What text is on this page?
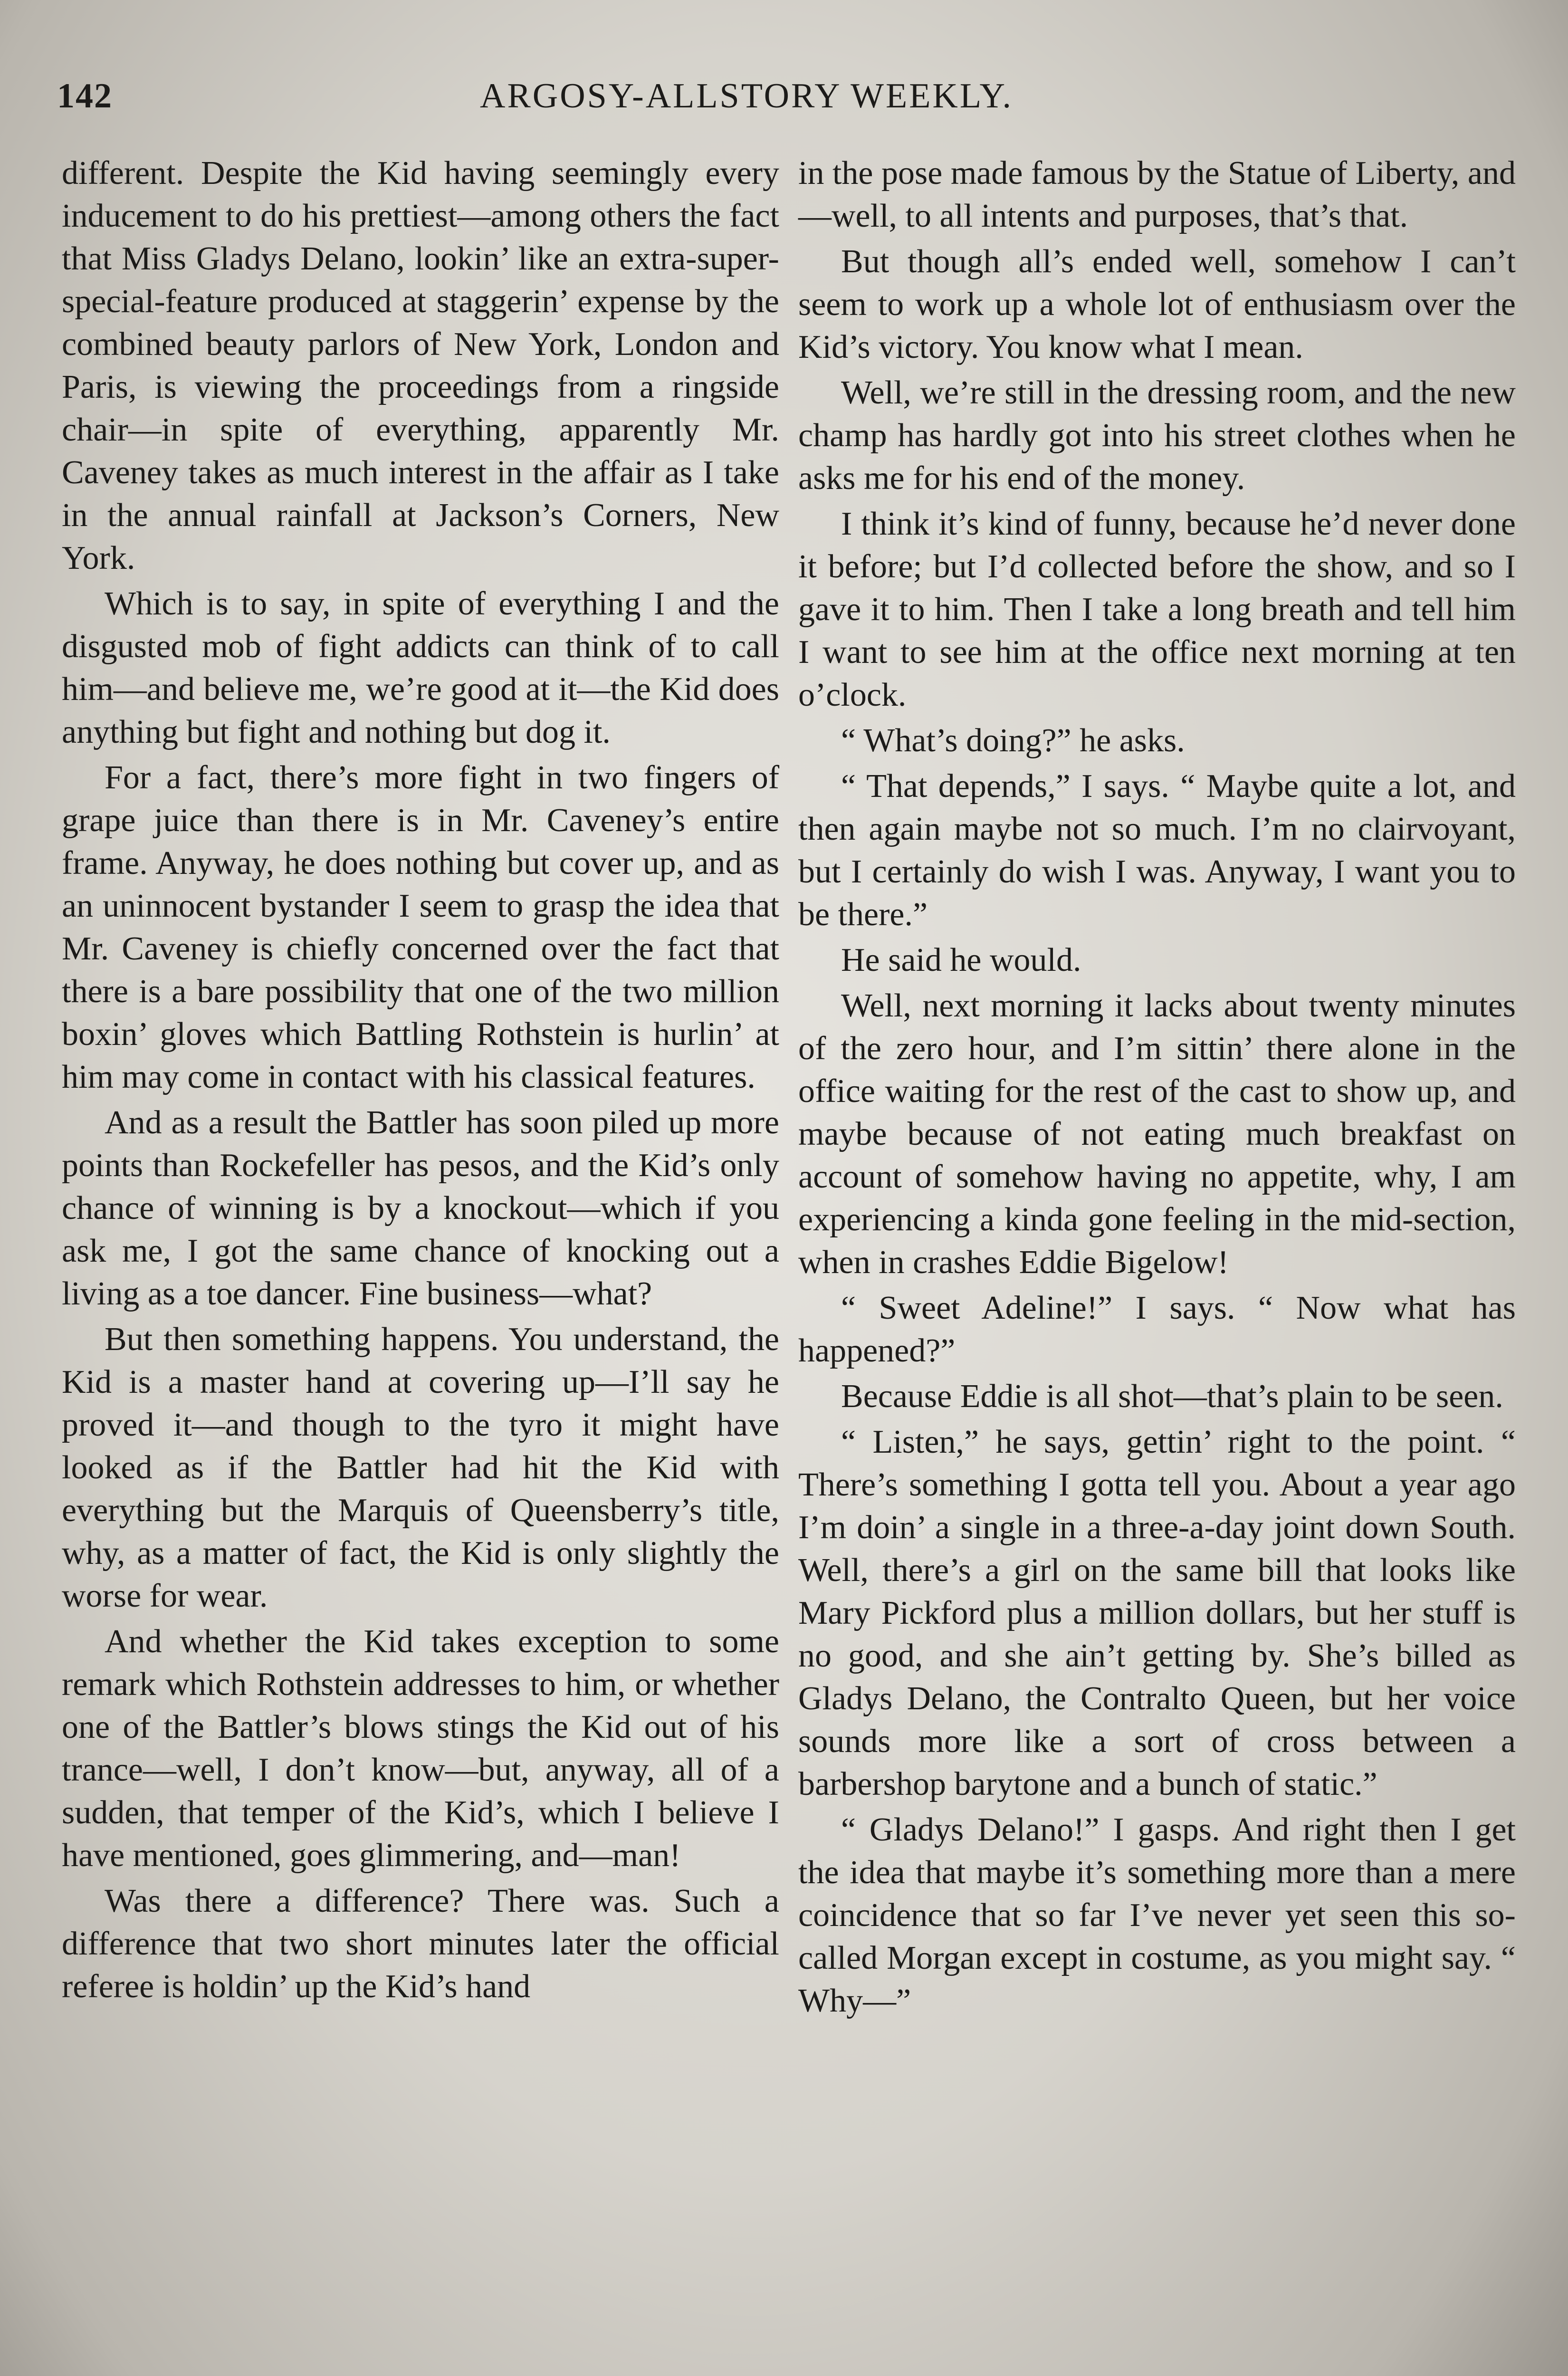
142	ARGOSY-ALLSTORY WEEKLY.

different. Despite the Kid having seemingly every inducement to do his prettiest—among others the fact that Miss Gladys Delano, lookin’ like an extra-super-special-feature produced at staggerin’ expense by the combined beauty parlors of New York, London and Paris, is viewing the proceedings from a ringside chair—in spite of everything, apparently Mr. Caveney takes as much interest in the affair as I take in the annual rainfall at Jackson’s Corners, New York.

Which is to say, in spite of everything I and the disgusted mob of fight addicts can think of to call him—and believe me, we’re good at it—the Kid does anything but fight and nothing but dog it.

For a fact, there’s more fight in two fingers of grape juice than there is in Mr. Caveney’s entire frame. Anyway, he does nothing but cover up, and as an uninnocent bystander I seem to grasp the idea that Mr. Caveney is chiefly concerned over the fact that there is a bare possibility that one of the two million boxin’ gloves which Battling Rothstein is hurlin’ at him may come in contact with his classical features.

And as a result the Battler has soon piled up more points than Rockefeller has pesos, and the Kid’s only chance of winning is by a knockout—which if you ask me, I got the same chance of knocking out a living as a toe dancer. Fine business—what?

But then something happens. You understand, the Kid is a master hand at covering up—I’ll say he proved it—and though to the tyro it might have looked as if the Battler had hit the Kid with everything but the Marquis of Queensberry’s title, why, as a matter of fact, the Kid is only slightly the worse for wear.

And whether the Kid takes exception to some remark which Rothstein addresses to him, or whether one of the Battler’s blows stings the Kid out of his trance—well, I don’t know—but, anyway, all of a sudden, that temper of the Kid’s, which I believe I have mentioned, goes glimmering, and—man!

Was there a difference? There was. Such a difference that two short minutes later the official referee is holdin’ up the Kid’s hand

in the pose made famous by the Statue of Liberty, and—well, to all intents and purposes, that’s that.

But though all’s ended well, somehow I can’t seem to work up a whole lot of enthusiasm over the Kid’s victory. You know what I mean.

Well, we’re still in the dressing room, and the new champ has hardly got into his street clothes when he asks me for his end of the money.

I think it’s kind of funny, because he’d never done it before; but I’d collected before the show, and so I gave it to him. Then I take a long breath and tell him I want to see him at the office next morning at ten o’clock.

“ What’s doing?” he asks.

“ That depends,” I says. “ Maybe quite a lot, and then again maybe not so much. I’m no clairvoyant, but I certainly do wish I was. Anyway, I want you to be there.”

He said he would.

Well, next morning it lacks about twenty minutes of the zero hour, and I’m sittin’ there alone in the office waiting for the rest of the cast to show up, and maybe because of not eating much breakfast on account of somehow having no appetite, why, I am experiencing a kinda gone feeling in the mid-section, when in crashes Eddie Bigelow!

“ Sweet Adeline!” I says. “ Now what has happened?”

Because Eddie is all shot—that’s plain to be seen.

“ Listen,” he says, gettin’ right to the point. “ There’s something I gotta tell you. About a year ago I’m doin’ a single in a three-a-day joint down South. Well, there’s a girl on the same bill that looks like Mary Pickford plus a million dollars, but her stuff is no good, and she ain’t getting by. She’s billed as Gladys Delano, the Contralto Queen, but her voice sounds more like a sort of cross between a barbershop barytone and a bunch of static.”

“ Gladys Delano!” I gasps. And right then I get the idea that maybe it’s something more than a mere coincidence that so far I’ve never yet seen this so-called Morgan except in costume, as you might say. “ Why—”
